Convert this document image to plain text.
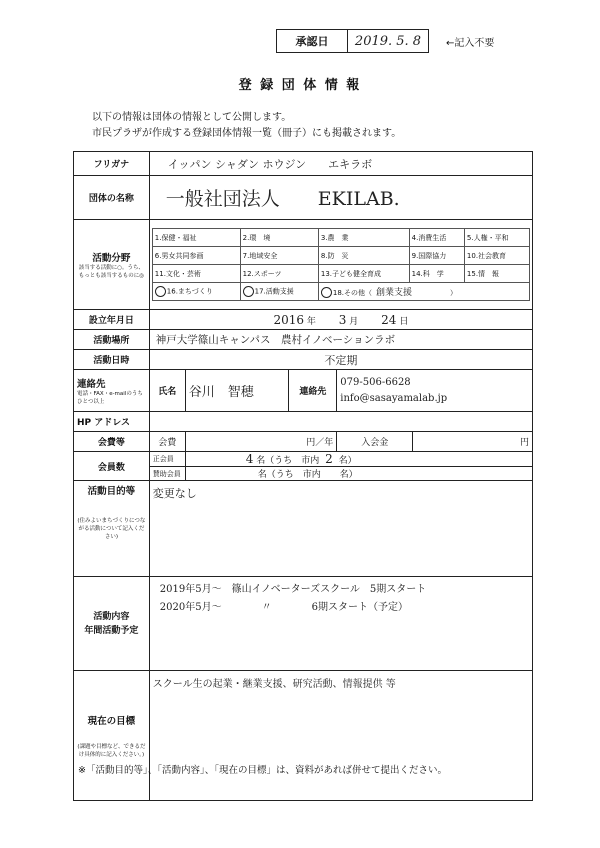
承認日	2019. 5. 8 ←記入不要
登 録 団 体 情 報
以下の情報は団体の情報として公開します。
市民プラザが作成する登録団体情報一覧（冊子）にも掲載されます。
フリガナ	イッパン シャダン ホウジン　　エキラボ
団体の名称	一般社団法人　　EKILAB.

活動分野
該当する活動に○。うち、もっとも該当するものに◎

1.保健・福祉	2.環　境	3.農　業	4.消費生活	5.人権・平和
6.男女共同参画	7.地域安全	8.防　災	9.国際協力	10.社会教育
11.文化・芸術	12.スポーツ	13.子ども健全育成	14.科　学	15.情　報
16.まちづくり	17.活動支援	18.その他（ 創業支援	）

設立年月日	2016 年 3 月 24 日
活動場所	神戸大学篠山キャンパス　農村イノベーションラボ
活動日時	不定期

連絡先
電話・FAX・e-mailのうちひとつ以上
	氏名	谷川　智穂	連絡先	
079-506-6628
info@sasayamalab.jp

HP アドレス	
会費等	会費	円／年	入会金	円
会員数	正会員	4 名（うち　市内 2 名）
賛助会員	名（うち　市内 名）

活動目的等
(住みよいまちづくりにつながる活動について記入ください)
	変更なし
活動内容
年間活動予定	
2019年5月〜　篠山イノベーターズスクール　5期スタート
2020年5月〜　　　　〃　　　　6期スタート（予定）

現在の目標
(課題や目標など、できるだけ具体的に記入ください。)
	スクール生の起業・継業支援、研究活動、情報提供 等
※「活動目的等」、「活動内容」、「現在の目標」は、資料があれば併せて提出ください。
